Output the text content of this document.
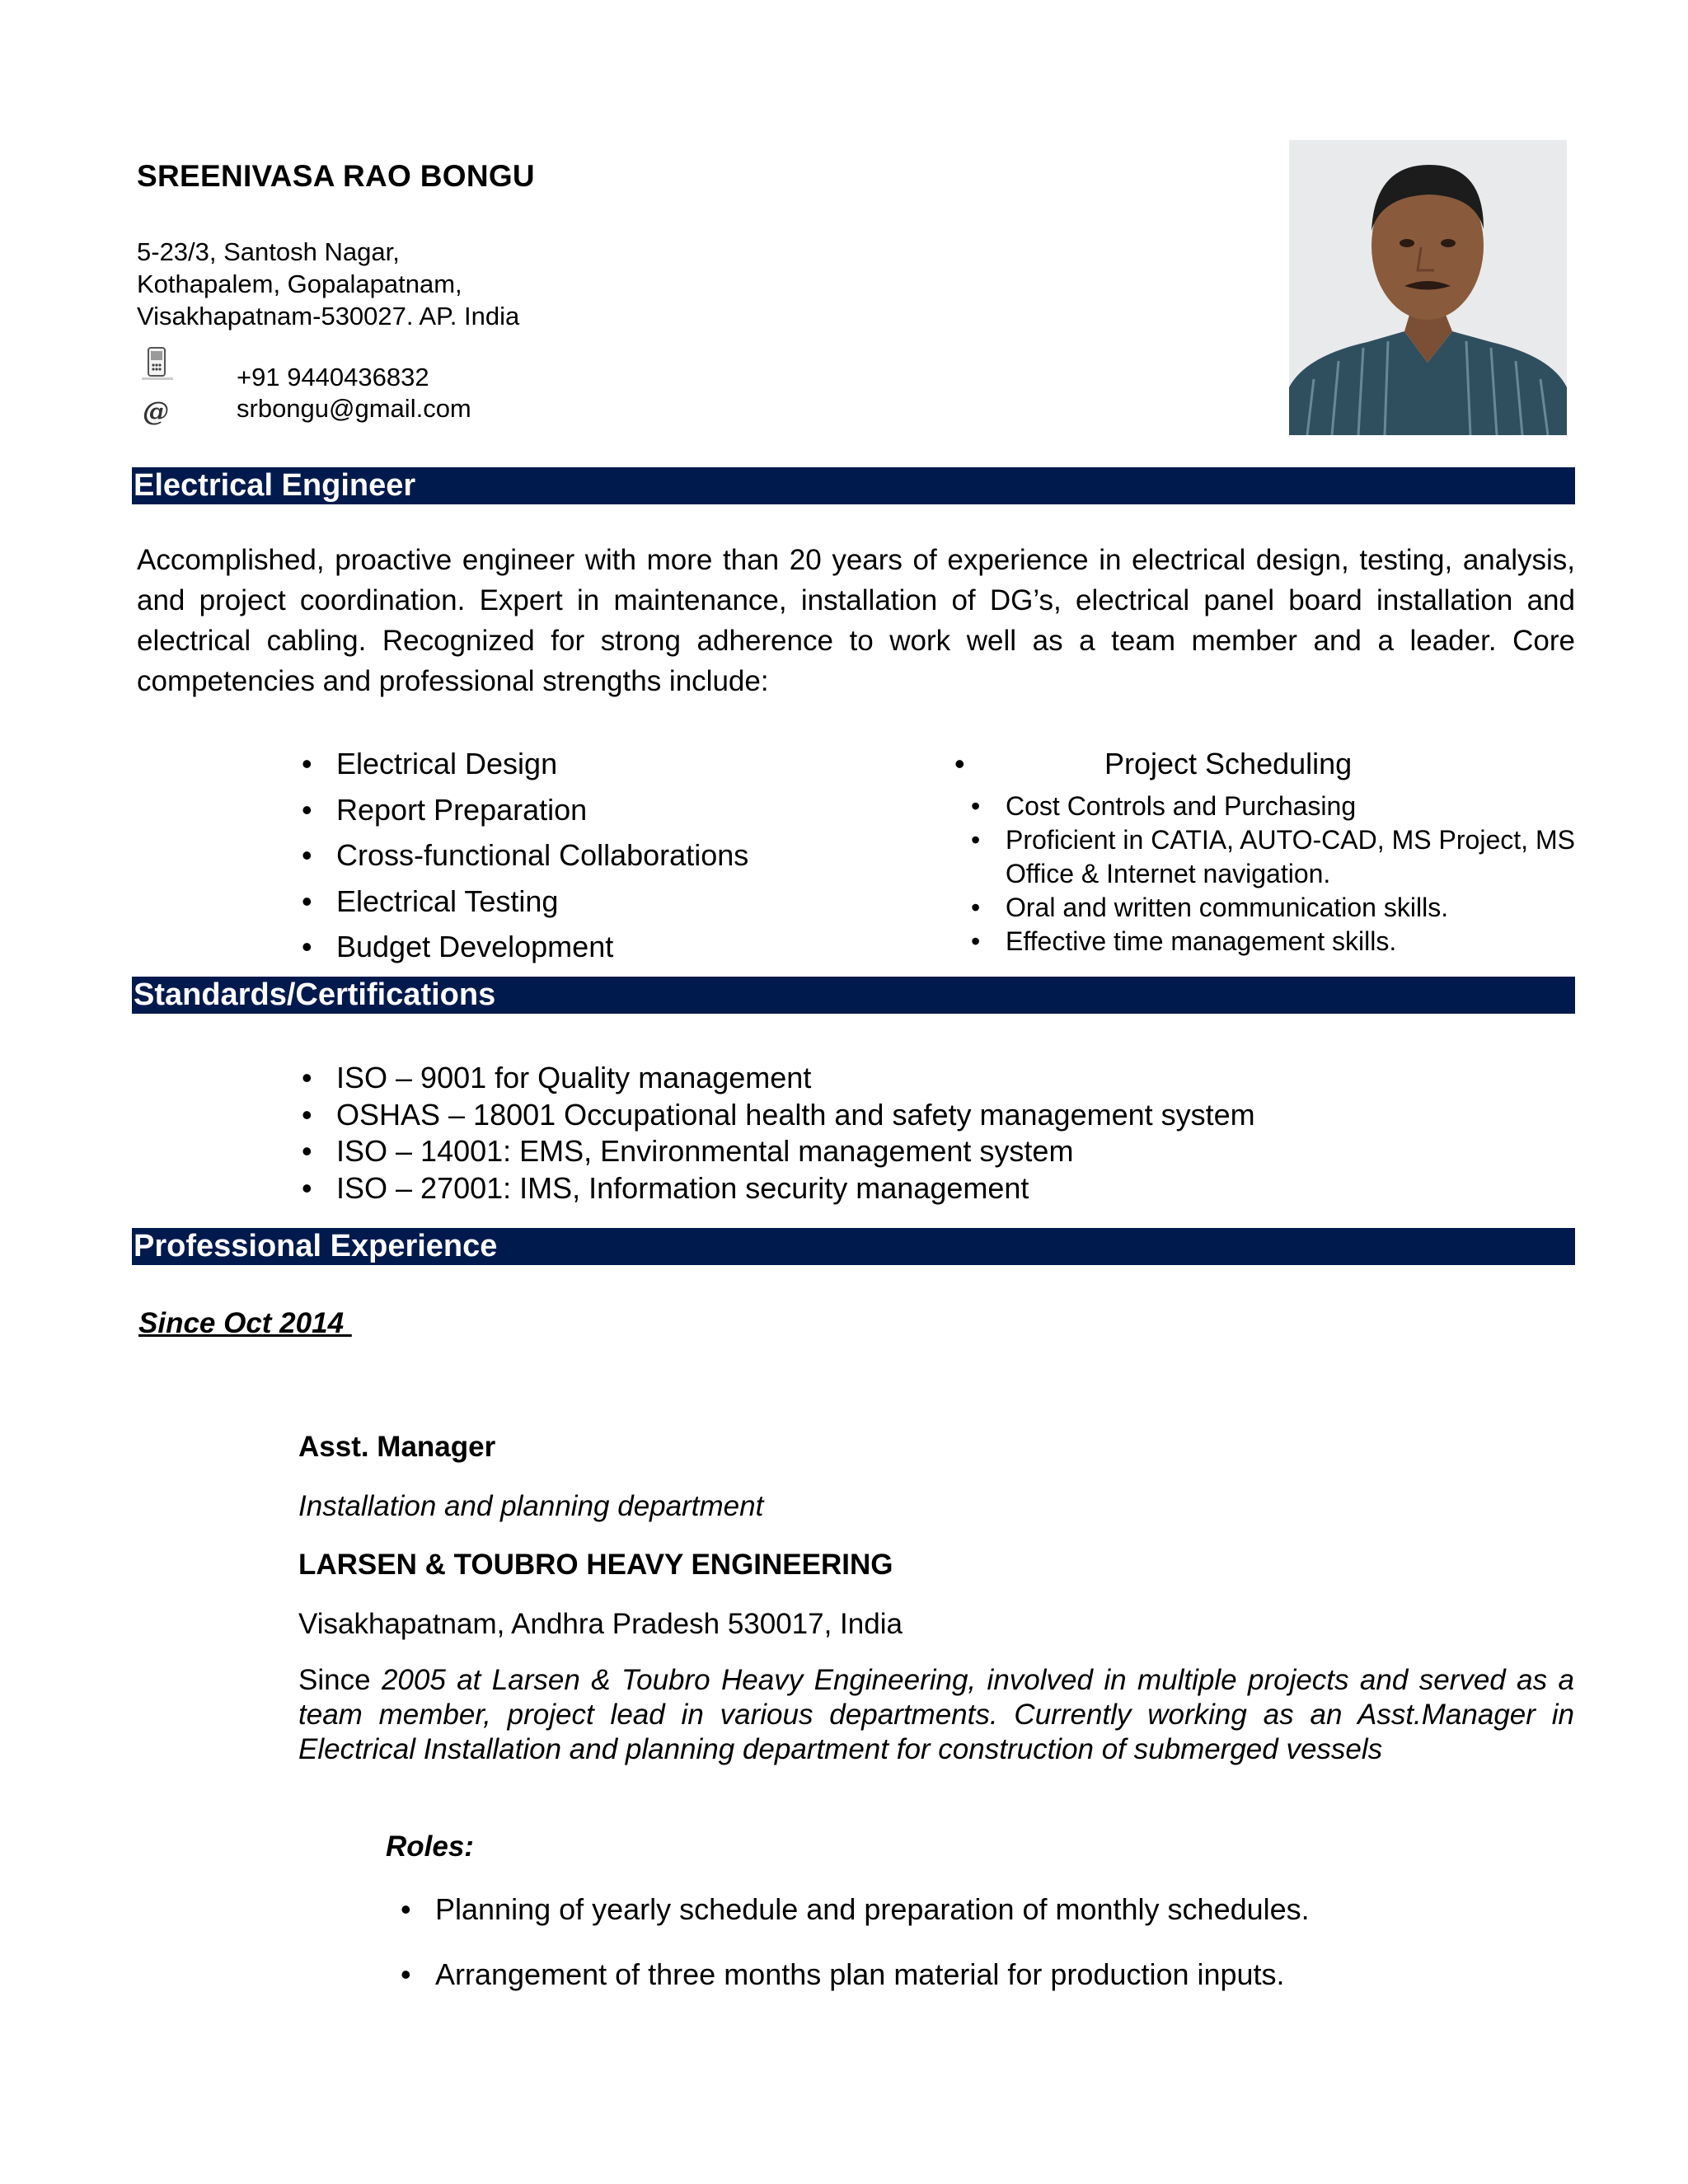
SREENIVASA RAO BONGU
5-23/3, Santosh Nagar,
Kothapalem, Gopalapatnam,
Visakhapatnam-530027. AP. India
+91 9440436832
@	srbongu@gmail.com
Electrical Engineer
Accomplished, proactive engineer with more than 20 years of experience in electrical design, testing, analysis, and project coordination. Expert in maintenance, installation of DG’s, electrical panel board installation and electrical cabling. Recognized for strong adherence to work well as a team member and a leader. Core competencies and professional strengths include:
• Electrical Design
• Report Preparation
• Cross-functional Collaborations
• Electrical Testing
• Budget Development
•	Project Scheduling
• Cost Controls and Purchasing
• Proficient in CATIA, AUTO-CAD, MS Project, MS Office & Internet navigation.
• Oral and written communication skills.
• Effective time management skills.
Standards/Certifications
• ISO – 9001 for Quality management
• OSHAS – 18001 Occupational health and safety management system
• ISO – 14001: EMS, Environmental management system
• ISO – 27001: IMS, Information security management
Professional Experience
Since Oct 2014
Asst. Manager
Installation and planning department
LARSEN & TOUBRO HEAVY ENGINEERING
Visakhapatnam, Andhra Pradesh 530017, India
Since 2005 at Larsen & Toubro Heavy Engineering, involved in multiple projects and served as a team member, project lead in various departments. Currently working as an Asst.Manager in Electrical Installation and planning department for construction of submerged vessels
Roles:
• Planning of yearly schedule and preparation of monthly schedules.
• Arrangement of three months plan material for production inputs.
